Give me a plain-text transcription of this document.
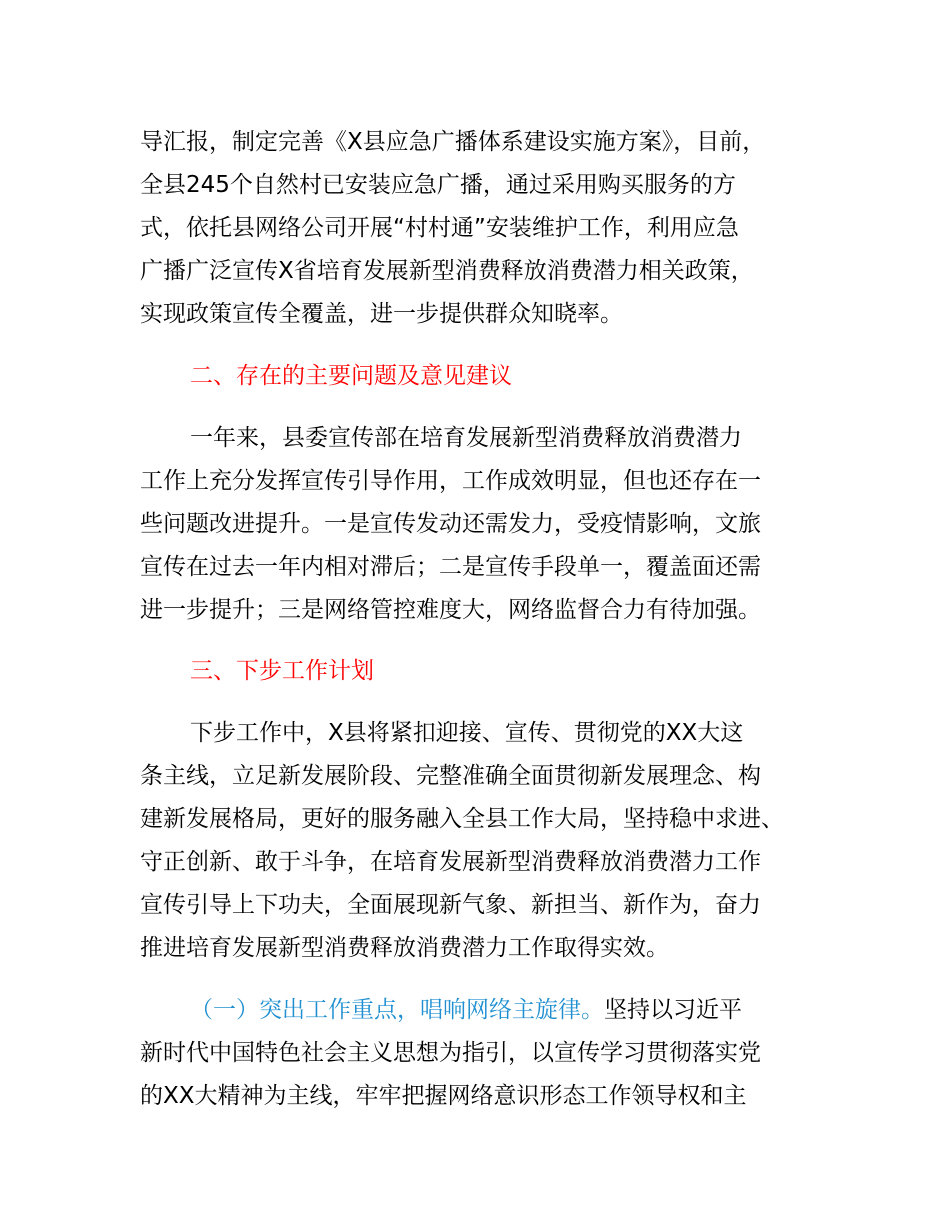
导汇报，制定完善《X县应急广播体系建设实施方案》，目前，
全县245个自然村已安装应急广播，通过采用购买服务的方
式，依托县网络公司开展“村村通”安装维护工作，利用应急
广播广泛宣传X省培育发展新型消费释放消费潜力相关政策，
实现政策宣传全覆盖，进一步提供群众知晓率。
二、存在的主要问题及意见建议
一年来，县委宣传部在培育发展新型消费释放消费潜力
工作上充分发挥宣传引导作用，工作成效明显，但也还存在一
些问题改进提升。一是宣传发动还需发力，受疫情影响，文旅
宣传在过去一年内相对滞后；二是宣传手段单一，覆盖面还需
进一步提升；三是网络管控难度大，网络监督合力有待加强。
三、下步工作计划
下步工作中，X县将紧扣迎接、宣传、贯彻党的XX大这
条主线，立足新发展阶段、完整准确全面贯彻新发展理念、构
建新发展格局，更好的服务融入全县工作大局，坚持稳中求进、
守正创新、敢于斗争，在培育发展新型消费释放消费潜力工作
宣传引导上下功夫，全面展现新气象、新担当、新作为，奋力
推进培育发展新型消费释放消费潜力工作取得实效。
（一）突出工作重点，唱响网络主旋律。坚持以习近平
新时代中国特色社会主义思想为指引，以宣传学习贯彻落实党
的XX大精神为主线，牢牢把握网络意识形态工作领导权和主
